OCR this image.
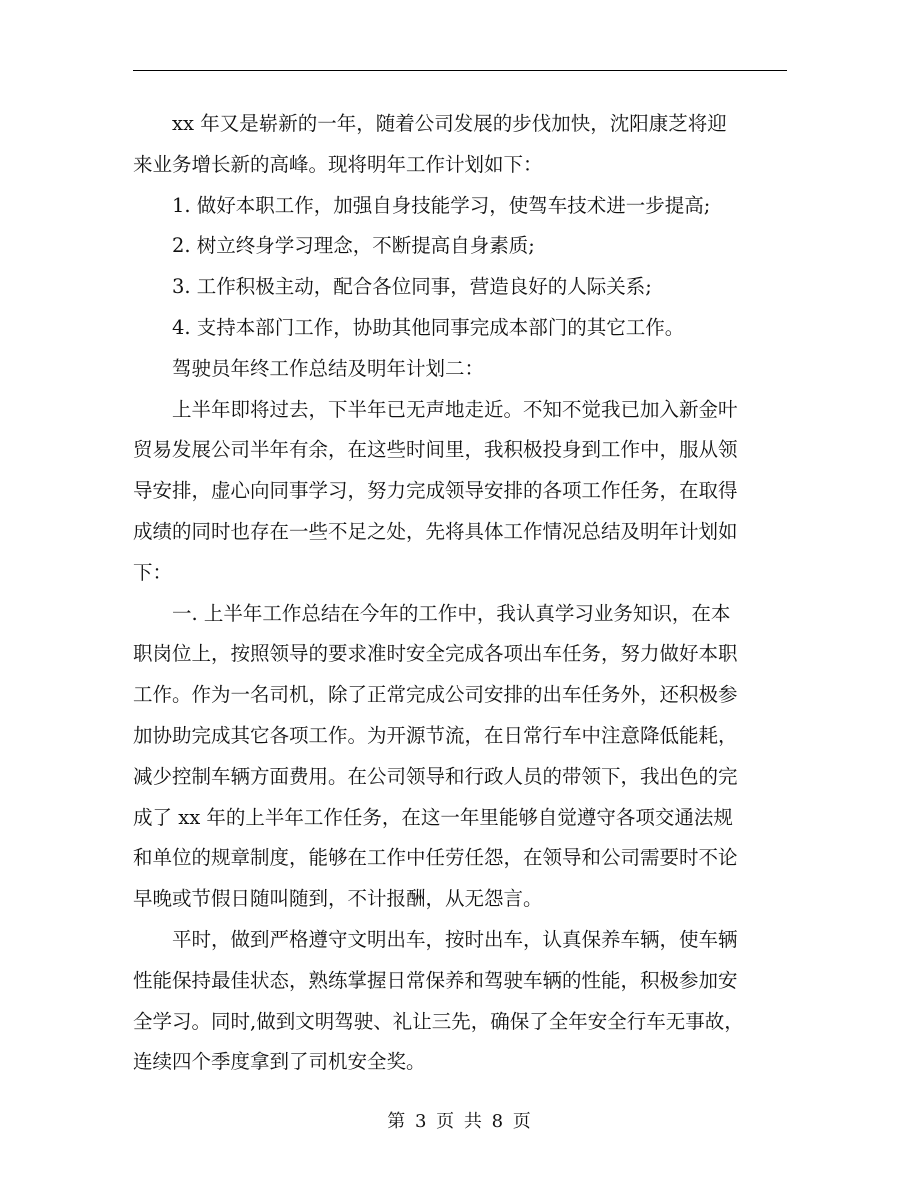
xx 年又是崭新的一年，随着公司发展的步伐加快，沈阳康芝将迎
来业务增长新的高峰。现将明年工作计划如下：

1. 做好本职工作，加强自身技能学习，使驾车技术进一步提高;

2. 树立终身学习理念，不断提高自身素质;

3. 工作积极主动，配合各位同事，营造良好的人际关系;

4. 支持本部门工作，协助其他同事完成本部门的其它工作。

驾驶员年终工作总结及明年计划二：

上半年即将过去，下半年已无声地走近。不知不觉我已加入新金叶
贸易发展公司半年有余，在这些时间里，我积极投身到工作中，服从领
导安排，虚心向同事学习，努力完成领导安排的各项工作任务，在取得
成绩的同时也存在一些不足之处，先将具体工作情况总结及明年计划如
下：

一. 上半年工作总结在今年的工作中，我认真学习业务知识，在本
职岗位上，按照领导的要求准时安全完成各项出车任务，努力做好本职
工作。作为一名司机，除了正常完成公司安排的出车任务外，还积极参
加协助完成其它各项工作。为开源节流，在日常行车中注意降低能耗，
减少控制车辆方面费用。在公司领导和行政人员的带领下，我出色的完
成了 xx 年的上半年工作任务，在这一年里能够自觉遵守各项交通法规
和单位的规章制度，能够在工作中任劳任怨，在领导和公司需要时不论
早晚或节假日随叫随到，不计报酬，从无怨言。

平时，做到严格遵守文明出车，按时出车，认真保养车辆，使车辆
性能保持最佳状态，熟练掌握日常保养和驾驶车辆的性能，积极参加安
全学习。同时,做到文明驾驶、礼让三先，确保了全年安全行车无事故，
连续四个季度拿到了司机安全奖。

第 3 页 共 8 页
